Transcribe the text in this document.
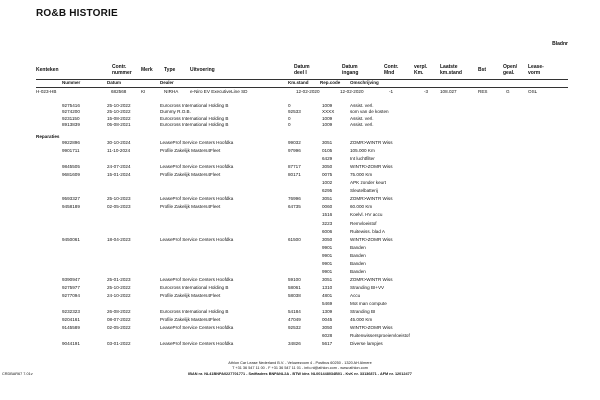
RO&B HISTORIE
Bladnr
Kenteken	Contr.
nummer Merk Type	Uitvoering	Datum
deel I
Datum
ingang
Contr.
Mnd
verpl.
Km.
Laatste
km.stand	Bst	Open/
geal.
Lease-
vorm
Nummer	Datum	Dealer	Km.stand	Rep.code Omschrijving
H-023-HB	682568	KI	NIRHA	e-Niro EV ExecutiveLine SD	12-02-2020	12-02-2020	-1	-3	108.027	RES	G	OSL
9275416	25-10-2022	Eurocross International Holding B	0	1009	Assist. verl.
9274200	25-10-2022	Dummy R.O.B.	92533	XXXX	som van de kosten
9231150	15-08-2022	Eurocross International Holding B	0	1009	Assist. verl.
8913839	05-08-2021	Eurocross International Holding B	0	1009	Assist. verl.
Reparaties
9922896	30-10-2024	LeaseProf Service Centers Hoofdka	99032	3051	ZOMR>WINTR Wiss
9901711	11-10-2024	Profile Zakelijk Masters4Fleet	97996	0105	105.000 Km
6429	Int luchtfilter
9845505	24-07-2024	LeaseProf Service Centers Hoofdka	87717	3050	WINTR>ZOMR Wiss
9681609	15-01-2024	Profile Zakelijk Masters4Fleet	80171	0075	75.000 Km
1002	APK zonder keurt
6295	Sleutelbatterij
9593327	25-10-2023	LeaseProf Service Centers Hoofdka	76996	3051	ZOMR>WINTR Wiss
9458189	02-05-2023	Profile Zakelijk Masters4Fleet	64735	0060	60.000 Km
1516	Koelvl. HV accu
3223	Remvloeistof
6006	Ruitewiss. blad A
9450061	18-04-2023	LeaseProf Service Centers Hoofdka	61500	3050	WINTR>ZOMR Wiss
9901	Banden
9901	Banden
9901	Banden
9901	Banden
9390947	25-01-2023	LeaseProf Service Centers Hoofdka	59100	3051	ZOMR>WINTR Wiss
9275977	25-10-2022	Eurocross International Holding B	58061	1310	Stranding BI+VV
9277094	24-10-2022	Profile Zakelijk Masters4Fleet	58038	4801	Accu
5469	Mot man compute
9232323	26-08-2022	Eurocross International Holding B	54184	1309	Stranding BI
9204161	08-07-2022	Profile Zakelijk Masters4Fleet	47049	0045	45.000 Km
9145589	02-05-2022	LeaseProf Service Centers Hoofdka	92532	3050	WINTR>ZOMR Wiss
6028	Ruitenwissersproeiervloeistof
9044191	03-01-2022	LeaseProf Service Centers Hoofdka	34826	5617	Diverse lampjes
Athlon Car Lease Nederland B.V. - Veluwezoom 4 - Postbus 60250 - 1320 AH Almere
T +31 36 547 11 00 - F +31 36 547 11 01 - info.nl@athlon.com - www.athlon.com
IBAN nr. NL41BNPA0227701771 - Swiftadres BNPANL2A - BTW idnr. NL001448034B01 - KvK nr. 33136871 - AFM nr. 12012477
CRDBAR67 7.01v
